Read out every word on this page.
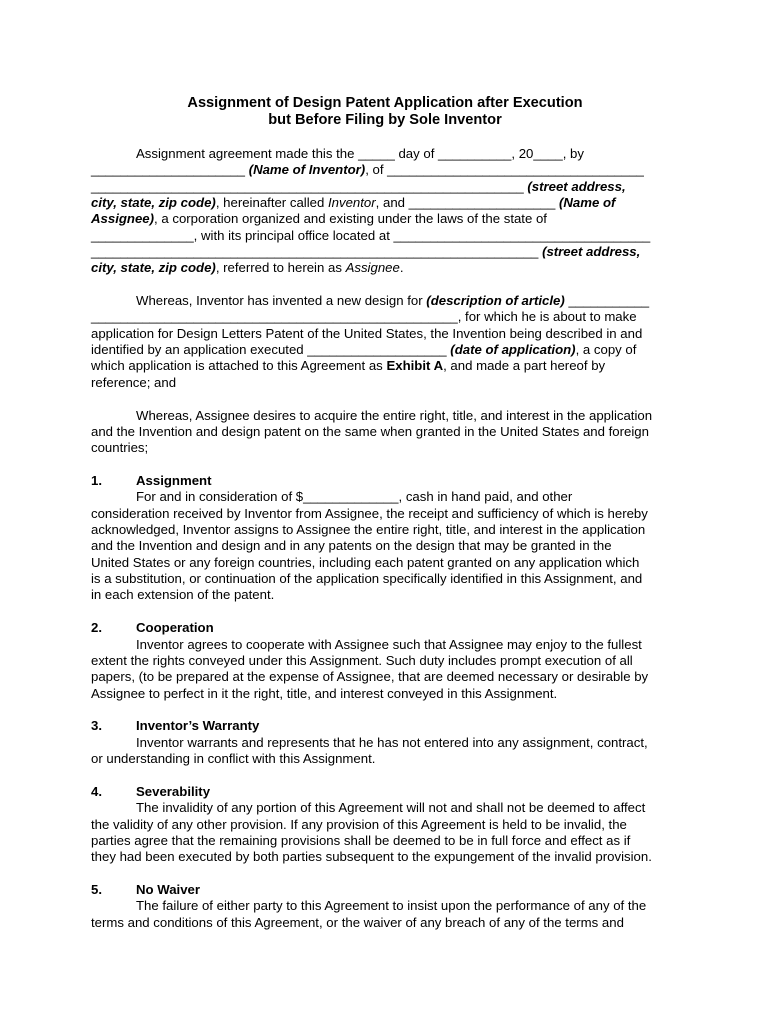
Assignment of Design Patent Application after Execution
but Before Filing by Sole Inventor
Assignment agreement made this the _____ day of __________, 20____, by
_____________________ (Name of Inventor), of ___________________________________
___________________________________________________________ (street address,
city, state, zip code), hereinafter called Inventor, and ____________________ (Name of
Assignee), a corporation organized and existing under the laws of the state of
______________, with its principal office located at ___________________________________
_____________________________________________________________ (street address,
city, state, zip code), referred to herein as Assignee.
Whereas, Inventor has invented a new design for (description of article) ___________
__________________________________________________, for which he is about to make
application for Design Letters Patent of the United States, the Invention being described in and
identified by an application executed ___________________ (date of application), a copy of
which application is attached to this Agreement as Exhibit A, and made a part hereof by
reference; and
Whereas, Assignee desires to acquire the entire right, title, and interest in the application
and the Invention and design patent on the same when granted in the United States and foreign
countries;
1.	Assignment
For and in consideration of $_____________, cash in hand paid, and other
consideration received by Inventor from Assignee, the receipt and sufficiency of which is hereby
acknowledged, Inventor assigns to Assignee the entire right, title, and interest in the application
and the Invention and design and in any patents on the design that may be granted in the
United States or any foreign countries, including each patent granted on any application which
is a substitution, or continuation of the application specifically identified in this Assignment, and
in each extension of the patent.
2.	Cooperation
Inventor agrees to cooperate with Assignee such that Assignee may enjoy to the fullest
extent the rights conveyed under this Assignment. Such duty includes prompt execution of all
papers, (to be prepared at the expense of Assignee, that are deemed necessary or desirable by
Assignee to perfect in it the right, title, and interest conveyed in this Assignment.
3.	Inventor’s Warranty
Inventor warrants and represents that he has not entered into any assignment, contract,
or understanding in conflict with this Assignment.
4.	Severability
The invalidity of any portion of this Agreement will not and shall not be deemed to affect
the validity of any other provision. If any provision of this Agreement is held to be invalid, the
parties agree that the remaining provisions shall be deemed to be in full force and effect as if
they had been executed by both parties subsequent to the expungement of the invalid provision.
5.	No Waiver
The failure of either party to this Agreement to insist upon the performance of any of the
terms and conditions of this Agreement, or the waiver of any breach of any of the terms and
